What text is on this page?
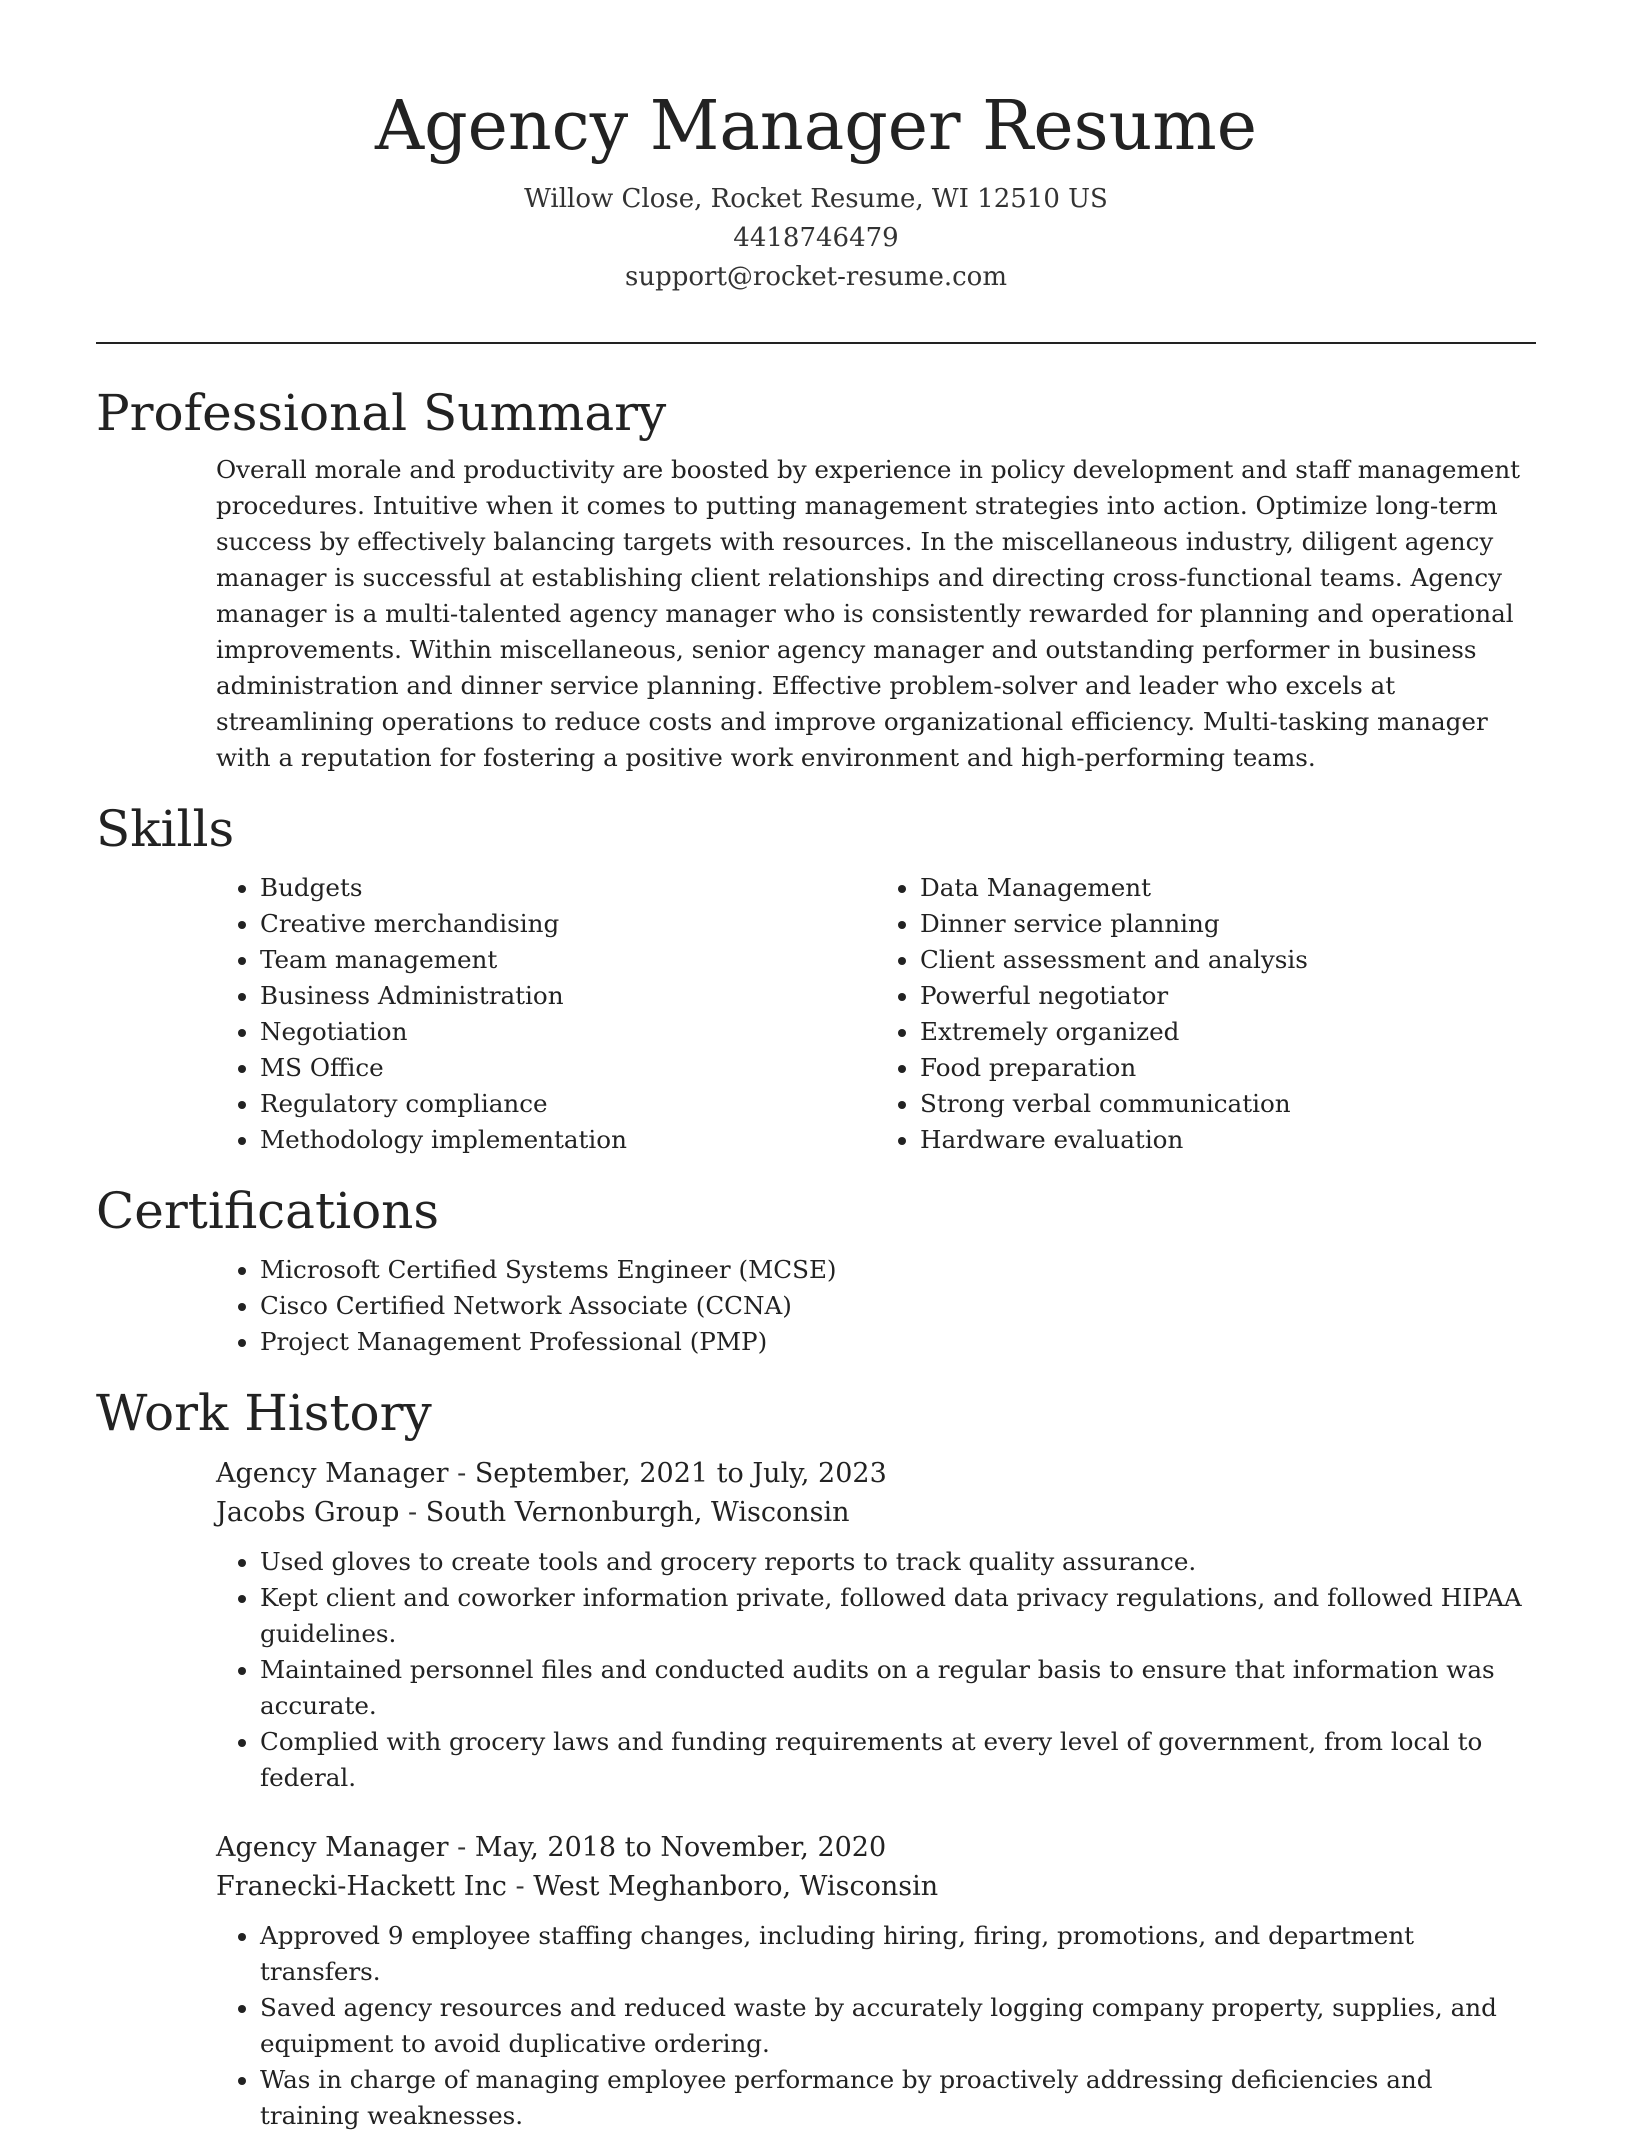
Agency Manager Resume
Willow Close, Rocket Resume, WI 12510 US
4418746479
support@rocket-resume.com
Professional Summary

Overall morale and productivity are boosted by experience in policy development and staff management procedures. Intuitive when it comes to putting management strategies into action. Optimize long-term success by effectively balancing targets with resources. In the miscellaneous industry, diligent agency manager is successful at establishing client relationships and directing cross-functional teams. Agency manager is a multi-talented agency manager who is consistently rewarded for planning and operational improvements. Within miscellaneous, senior agency manager and outstanding performer in business administration and dinner service planning. Effective problem-solver and leader who excels at streamlining operations to reduce costs and improve organizational efficiency. Multi-tasking manager with a reputation for fostering a positive work environment and high-performing teams.

Skills
• Budgets
• Creative merchandising
• Team management
• Business Administration
• Negotiation
• MS Office
• Regulatory compliance
• Methodology implementation
• Data Management
• Dinner service planning
• Client assessment and analysis
• Powerful negotiator
• Extremely organized
• Food preparation
• Strong verbal communication
• Hardware evaluation
Certifications
• Microsoft Certified Systems Engineer (MCSE)
• Cisco Certified Network Associate (CCNA)
• Project Management Professional (PMP)
Work History
Agency Manager - September, 2021 to July, 2023
Jacobs Group - South Vernonburgh, Wisconsin
• Used gloves to create tools and grocery reports to track quality assurance.
• Kept client and coworker information private, followed data privacy regulations, and followed HIPAA guidelines.
• Maintained personnel files and conducted audits on a regular basis to ensure that information was accurate.
• Complied with grocery laws and funding requirements at every level of government, from local to federal.
Agency Manager - May, 2018 to November, 2020
Franecki-Hackett Inc - West Meghanboro, Wisconsin
• Approved 9 employee staffing changes, including hiring, firing, promotions, and department transfers.
• Saved agency resources and reduced waste by accurately logging company property, supplies, and equipment to avoid duplicative ordering.
• Was in charge of managing employee performance by proactively addressing deficiencies and training weaknesses.
